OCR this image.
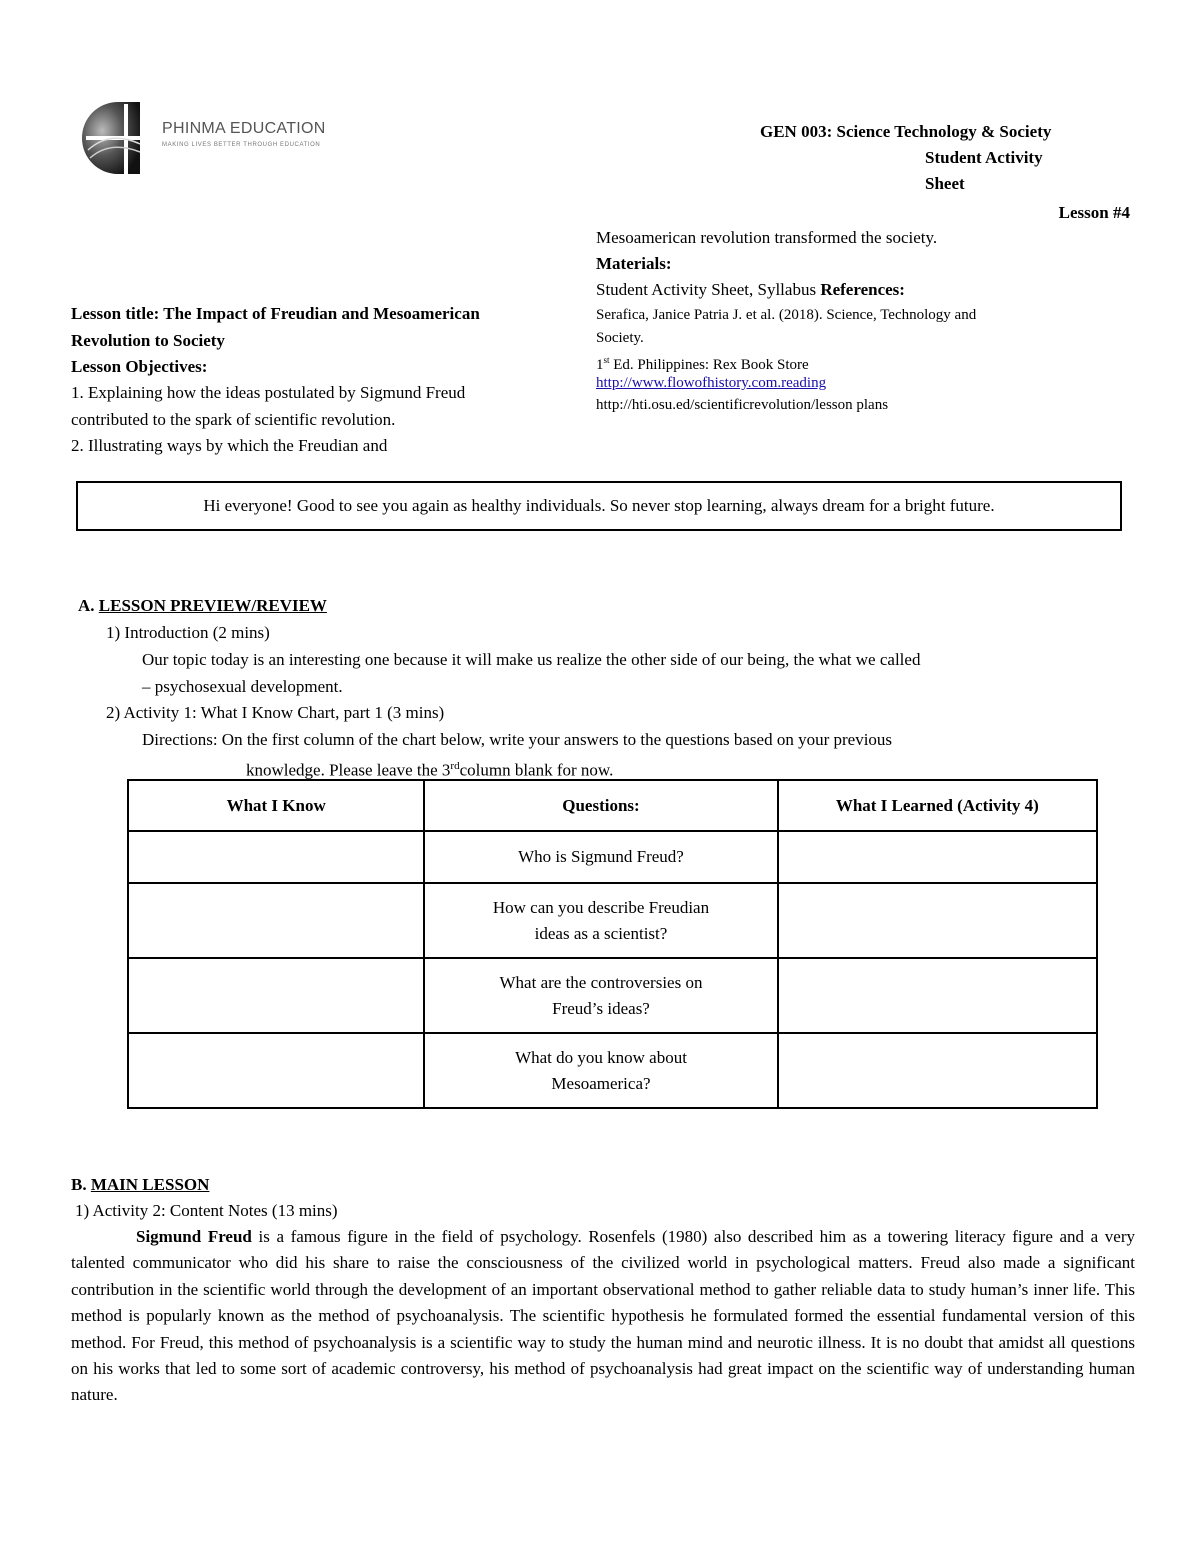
PHINMA EDUCATION
MAKING LIVES BETTER THROUGH EDUCATION
GEN 003: Science Technology & Society
Student Activity
Sheet
Lesson #4
Lesson title: The Impact of Freudian and Mesoamerican
Revolution to Society
Lesson Objectives:
1. Explaining how the ideas postulated by Sigmund Freud
contributed to the spark of scientific revolution.
2. Illustrating ways by which the Freudian and
Mesoamerican revolution transformed the society.
Materials:
Student Activity Sheet, Syllabus References:
Serafica, Janice Patria J. et al. (2018). Science, Technology and
Society.
1st Ed. Philippines: Rex Book Store
http://www.flowofhistory.com.reading
http://hti.osu.ed/scientificrevolution/lesson plans
Hi everyone! Good to see you again as healthy individuals. So never stop learning, always dream for a bright future.
A. LESSON PREVIEW/REVIEW
1) Introduction (2 mins)
Our topic today is an interesting one because it will make us realize the other side of our being, the what we called
– psychosexual development.
2) Activity 1: What I Know Chart, part 1 (3 mins)
Directions: On the first column of the chart below, write your answers to the questions based on your previous
knowledge. Please leave the 3rdcolumn blank for now.
What I Know	Questions:	What I Learned (Activity 4)
	Who is Sigmund Freud?	

	How can you describe Freudian
ideas as a scientist?	

	What are the controversies on
Freud’s ideas?	

	What do you know about
Mesoamerica?	

B. MAIN LESSON
1) Activity 2: Content Notes (13 mins)
Sigmund Freud is a famous figure in the field of psychology. Rosenfels (1980) also described him as a towering literacy figure and a very talented communicator who did his share to raise the consciousness of the civilized world in psychological matters. Freud also made a significant contribution in the scientific world through the development of an important observational method to gather reliable data to study human’s inner life. This method is popularly known as the method of psychoanalysis. The scientific hypothesis he formulated formed the essential fundamental version of this method. For Freud, this method of psychoanalysis is a scientific way to study the human mind and neurotic illness. It is no doubt that amidst all questions on his works that led to some sort of academic controversy, his method of psychoanalysis had great impact on the scientific way of understanding human nature.
